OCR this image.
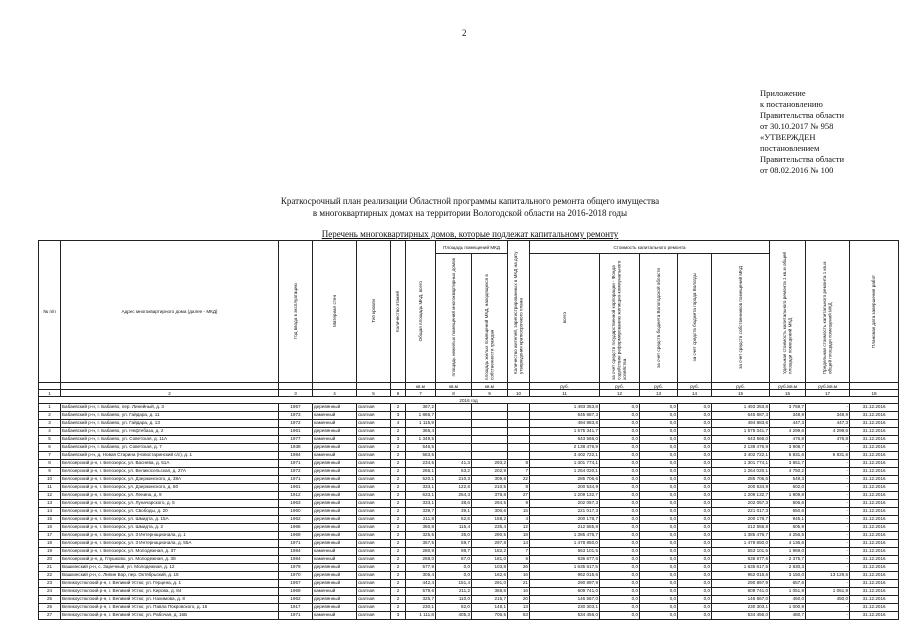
2
Приложение
к постановлению
Правительства области
от 30.10.2017 № 958
«УТВЕРЖДЕН
постановлением
Правительства области
от 08.02.2016 № 100
Краткосрочный план реализации Областной программы капитального ремонта общего имущества
в многоквартирных домах на территории Вологодской области на 2016-2018 годы
Перечень многоквартирных домов, которые подлежат капитальному ремонту
№ п/п	Адрес многоквартирного дома (далее - МКД)	Год ввода в эксплуатацию	Материал стен	Тип кровли	Количество этажей	Общая площадь МКД, всего	Площадь помещений МКД		Количество жителей, зарегистрированных в МКД на дату утверждения краткосрочного плана	Стоимость капитального ремонта					Удельная стоимость капитального ремонта 1 кв.м общей площади помещений МКД	Предельная стоимость капитального ремонта 1 кв.м общей площади помещений МКД	Плановая дата завершения работ
							площадь нежилых помещений многоквартирных домов	площадь жилых помещений МКД, находящихся в собственности граждан		всего	за счет средств государственной корпорации - Фонда содействия реформированию жилищно-коммунального хозяйства	за счет средств бюджета Вологодской области	за счет средств бюджета города Вологды	за счет средств собственников помещений МКД			
						кв.м	кв.м	кв.м		руб.	руб.	руб.	руб.	руб.	руб./кв.м	руб./кв.м	
1	2	3	4	5	6	7	8	9	10	11	12	13	14	15	16	17	18
2016 год																	
1	Бабаевский р-н, г. Бабаево, пер. Линейный, д. 3	1957	деревянный	скатная	2	367,2				1 493 353,8	0,0	0,0	0,0	1 493 353,8	3 759,7	-	31.12.2016
2	Бабаевский р-н, г. Бабаево, ул. Гайдара, д. 11	1973	каменный	скатная	3	1 866,7				645 687,3	0,0	0,0	0,0	645 687,3	348,9	348,9	31.12.2016
3	Бабаевский р-н, г. Бабаево, ул. Гайдара, д. 13	1972	каменный	скатная	4	1 115,9				494 883,6	0,0	0,0	0,0	494 883,6	447,3	447,3	31.12.2016
4	Бабаевский р-н, г. Бабаево, ул. Нефтебаза, д. 2	1961	деревянный	скатная	2	366,4				1 575 341,7	0,0	0,0	0,0	1 575 341,7	4 299,6	4 299,6	31.12.2016
5	Бабаевский р-н, г. Бабаево, ул. Советская, д. 11А	1977	каменный	скатная	3	1 349,5				643 566,0	0,0	0,0	0,0	643 566,0	476,8	476,8	31.12.2016
6	Бабаевский р-н, г. Бабаево, ул. Советская, д. 7	1938	деревянный	скатная	2	546,5				2 138 476,9	0,0	0,0	0,0	2 138 476,9	3 908,7	-	31.12.2016
7	Бабаевский р-н, д. Новая Старина (Новостаринский с/с), д. 1	1984	каменный	скатная	2	583,5				3 402 722,1	0,0	0,0	0,0	3 402 722,1	5 831,6	5 831,6	31.12.2016
8	Белозерский р-н, г. Белозерск, ул. Васнева, д. 51А	1971	деревянный	скатная	2	234,5	41,3	293,2	8	1 301 774,1	0,0	0,0	0,0	1 301 774,1	3 851,7	-	31.12.2016
9	Белозерский р-н, г. Белозерск, ул. Великосельская, д. 27А	1972	деревянный	скатная	2	266,1	63,2	202,9	7	1 264 020,1	0,0	0,0	0,0	1 264 020,1	4 750,2	-	31.12.2016
10	Белозерский р-н, г. Белозерск, ул. Дзержинского, д. 38А	1971	деревянный	скатная	2	520,1	210,3	309,8	22	285 706,6	0,0	0,0	0,0	285 706,6	549,3	-	31.12.2016
11	Белозерский р-н, г. Белозерск, ул. Дзержинского, д. 50	1961	деревянный	скатная	2	333,1	122,6	210,5	8	200 534,9	0,0	0,0	0,0	200 534,9	602,0	-	31.12.2016
12	Белозерский р-н, г. Белозерск, ул. Ленина, д. 9	1912	деревянный	скатная	2	633,1	254,3	378,8	27	1 209 132,7	0,0	0,0	0,0	1 209 132,7	1 909,8	-	31.12.2016
13	Белозерский р-н, г. Белозерск, ул. Луначарского, д. 5	1963	деревянный	скатная	2	333,1	38,6	294,5	9	202 057,3	0,0	0,0	0,0	202 057,3	606,6	-	31.12.2016
14	Белозерский р-н, г. Белозерск, ул. Свободы, д. 20	1960	деревянный	скатная	2	339,7	39,1	300,6	15	221 017,3	0,0	0,0	0,0	221 017,3	650,6	-	31.12.2016
15	Белозерский р-н, г. Белозерск, ул. Шмидта, д. 15А	1962	деревянный	скатная	2	211,8	52,6	159,2	4	200 178,7	0,0	0,0	0,0	200 178,7	945,1	-	31.12.2016
16	Белозерский р-н, г. Белозерск, ул. Шмидта, д. 2	1966	деревянный	скатная	2	350,8	115,4	235,4	12	212 555,8	0,0	0,0	0,0	212 555,8	605,9	-	31.12.2016
17	Белозерский р-н, г. Белозерск, ул. 3 Интернационала, д. 1	1969	деревянный	скатная	2	325,5	35,0	290,5	18	1 385 476,7	0,0	0,0	0,0	1 385 476,7	4 256,5	-	31.12.2016
18	Белозерский р-н, г. Белозерск, ул. 3 Интернационала, д. 55А	1971	деревянный	скатная	2	357,5	59,7	297,8	14	1 478 850,0	0,0	0,0	0,0	1 478 850,0	4 136,6	-	31.12.2016
19	Белозерский р-н, г. Белозерск, ул. Молодежная, д. 37	1984	каменный	скатная	2	280,9	98,7	182,2	7	553 101,5	0,0	0,0	0,0	553 101,5	1 969,0	-	31.12.2016
20	Белозерский р-н, д. Глушково, ул. Молодежная, д. 38	1984	каменный	скатная	2	268,0	87,0	181,0	6	636 677,6	0,0	0,0	0,0	636 677,6	2 375,7	-	31.12.2016
21	Вашкинский р-н, с. Заречный, ул. Молодежная, д. 12	1979	деревянный	скатная	2	577,9	0,0	103,8	26	1 635 617,5	0,0	0,0	0,0	1 635 617,5	2 830,3	-	31.12.2016
22	Вашкинский р-н, с. Липин Бор, пер. Октябрьский, д. 15	1970	деревянный	скатная	2	305,4	0,0	162,6	16	962 015,6	0,0	0,0	0,0	962 015,6	3 150,0	13 129,6	31.12.2016
23	Великоустюгский р-н, г. Великий Устюг, ул. Герцена, д. 1	1957	деревянный	скатная	2	442,4	151,4	291,0	21	290 897,9	0,0	0,0	0,0	290 897,9	657,6	-	31.12.2016
24	Великоустюгский р-н, г. Великий Устюг, ул. Кирова, д. 84	1969	каменный	скатная	2	579,6	211,2	368,6	16	609 741,0	0,0	0,0	0,0	609 741,0	1 051,9	1 051,9	31.12.2016
25	Великоустюгский р-н, г. Великий Устюг, ул. Нахимова, д. 8	1962	деревянный	скатная	2	325,7	110,0	215,7	20	146 567,0	0,0	0,0	0,0	146 567,0	450,0	450,0	31.12.2016
26	Великоустюгский р-н, г. Великий Устюг, ул. Павла Покровского, д. 16	1917	деревянный	скатная	2	230,1	82,0	148,1	13	230 303,1	0,0	0,0	0,0	230 303,1	1 000,9	-	31.12.2016
27	Великоустюгский р-н, г. Великий Устюг, ул. Рабочая, д. 16Б	1971	каменный	скатная	3	1 111,8	405,3	706,5	53	534 456,0	0,0	0,0	0,0	534 456,0	480,7	-	31.12.2016
